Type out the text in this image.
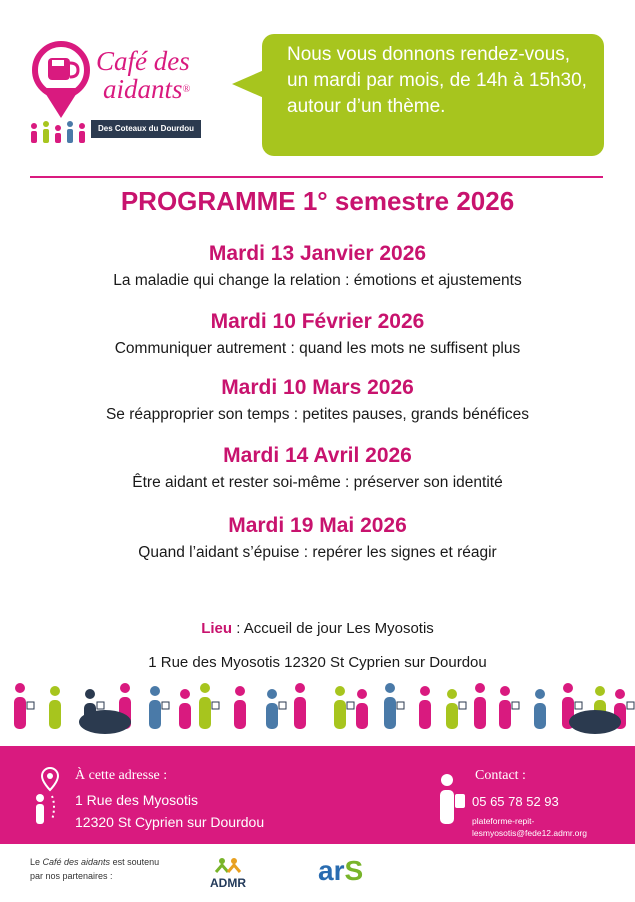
Café des
aidants®
Des Coteaux du Dourdou
Nous vous donnons rendez-vous, un mardi par mois, de 14h à 15h30, autour d’un thème.
PROGRAMME 1° semestre 2026
Mardi 13 Janvier 2026
La maladie qui change la relation : émotions et ajustements
Mardi 10 Février 2026
Communiquer autrement : quand les mots ne suffisent plus
Mardi 10 Mars 2026
Se réapproprier son temps : petites pauses, grands bénéfices
Mardi 14 Avril 2026
Être aidant et rester soi-même : préserver son identité
Mardi 19 Mai 2026
Quand l’aidant s’épuise : repérer les signes et réagir
Lieu : Accueil de jour Les Myosotis
1 Rue des Myosotis 12320 St Cyprien sur Dourdou
À cette adresse :
1 Rue des Myosotis
12320 St Cyprien sur Dourdou
Contact :
05 65 78 52 93
plateforme-repit-
lesmyosotis@fede12.admr.org
Le Café des aidants est soutenu
par nos partenaires :	ADMR	arS
